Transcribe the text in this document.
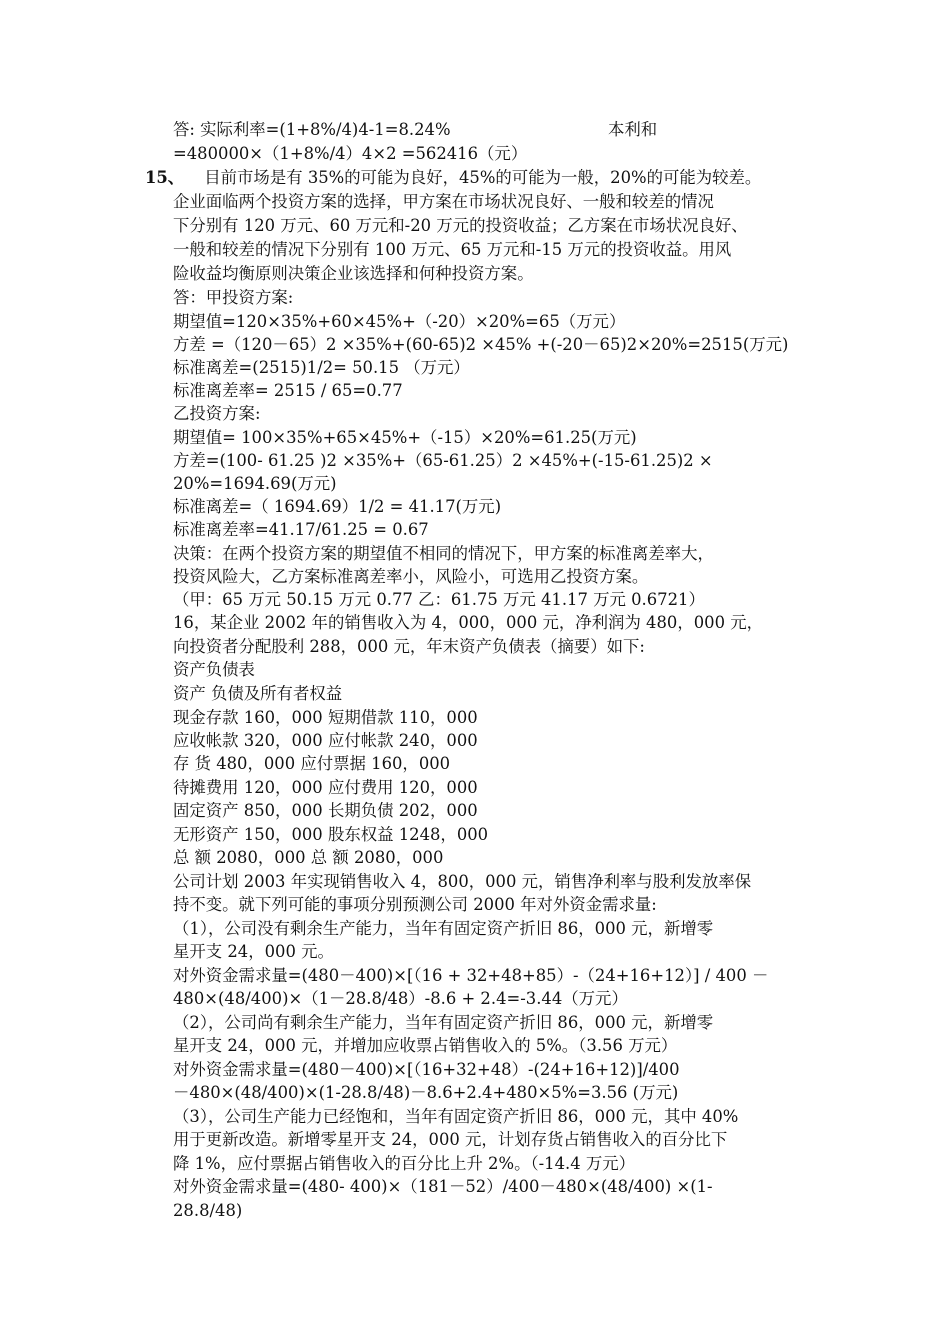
答: 实际利率=(1+8%/4)4-1=8.24%	本利和
=480000×（1+8%/4）4×2 =562416（元）
15、
目前市场是有 35%的可能为良好，45%的可能为一般，20%的可能为较差。
企业面临两个投资方案的选择，甲方案在市场状况良好、一般和较差的情况
下分别有 120 万元、60 万元和-20 万元的投资收益；乙方案在市场状况良好、
一般和较差的情况下分别有 100 万元、65 万元和-15 万元的投资收益。用风
险收益均衡原则决策企业该选择和何种投资方案。
答：甲投资方案:
期望值=120×35%+60×45%+（-20）×20%=65（万元）
方差 =（120－65）2 ×35%+(60-65)2 ×45% +(-20－65)2×20%=2515(万元)
标准离差=(2515)1/2= 50.15 （万元）
标准离差率= 2515 / 65=0.77
乙投资方案:
期望值= 100×35%+65×45%+（-15）×20%=61.25(万元)
方差=(100- 61.25 )2 ×35%+（65-61.25）2 ×45%+(-15-61.25)2 ×
20%=1694.69(万元)
标准离差=（ 1694.69）1/2 = 41.17(万元)
标准离差率=41.17/61.25 = 0.67
决策：在两个投资方案的期望值不相同的情况下，甲方案的标准离差率大，
投资风险大，乙方案标准离差率小，风险小，可选用乙投资方案。
（甲：65 万元 50.15 万元 0.77 乙：61.75 万元 41.17 万元 0.6721）
16，某企业 2002 年的销售收入为 4，000，000 元，净利润为 480，000 元，
向投资者分配股利 288，000 元，年末资产负债表（摘要）如下:
资产负债表
资产 负债及所有者权益
现金存款 160，000 短期借款 110，000
应收帐款 320，000 应付帐款 240，000
存 货 480，000 应付票据 160，000
待摊费用 120，000 应付费用 120，000
固定资产 850，000 长期负债 202，000
无形资产 150，000 股东权益 1248，000
总 额 2080，000 总 额 2080，000
公司计划 2003 年实现销售收入 4，800，000 元，销售净利率与股利发放率保
持不变。就下列可能的事项分别预测公司 2000 年对外资金需求量:
（1），公司没有剩余生产能力，当年有固定资产折旧 86，000 元，新增零
星开支 24，000 元。
对外资金需求量=(480－400)×[（16 + 32+48+85）-（24+16+12）] / 400 －
480×(48/400)×（1－28.8/48）-8.6 + 2.4=-3.44（万元）
（2），公司尚有剩余生产能力，当年有固定资产折旧 86，000 元，新增零
星开支 24，000 元，并增加应收票占销售收入的 5%。（3.56 万元）
对外资金需求量=(480－400)×[（16+32+48）-(24+16+12)]/400
－480×(48/400)×(1-28.8/48)－8.6+2.4+480×5%=3.56 (万元)
（3），公司生产能力已经饱和，当年有固定资产折旧 86，000 元，其中 40%
用于更新改造。新增零星开支 24，000 元，计划存货占销售收入的百分比下
降 1%，应付票据占销售收入的百分比上升 2%。（-14.4 万元）
对外资金需求量=(480- 400)×（181－52）/400－480×(48/400) ×(1-
28.8/48)
